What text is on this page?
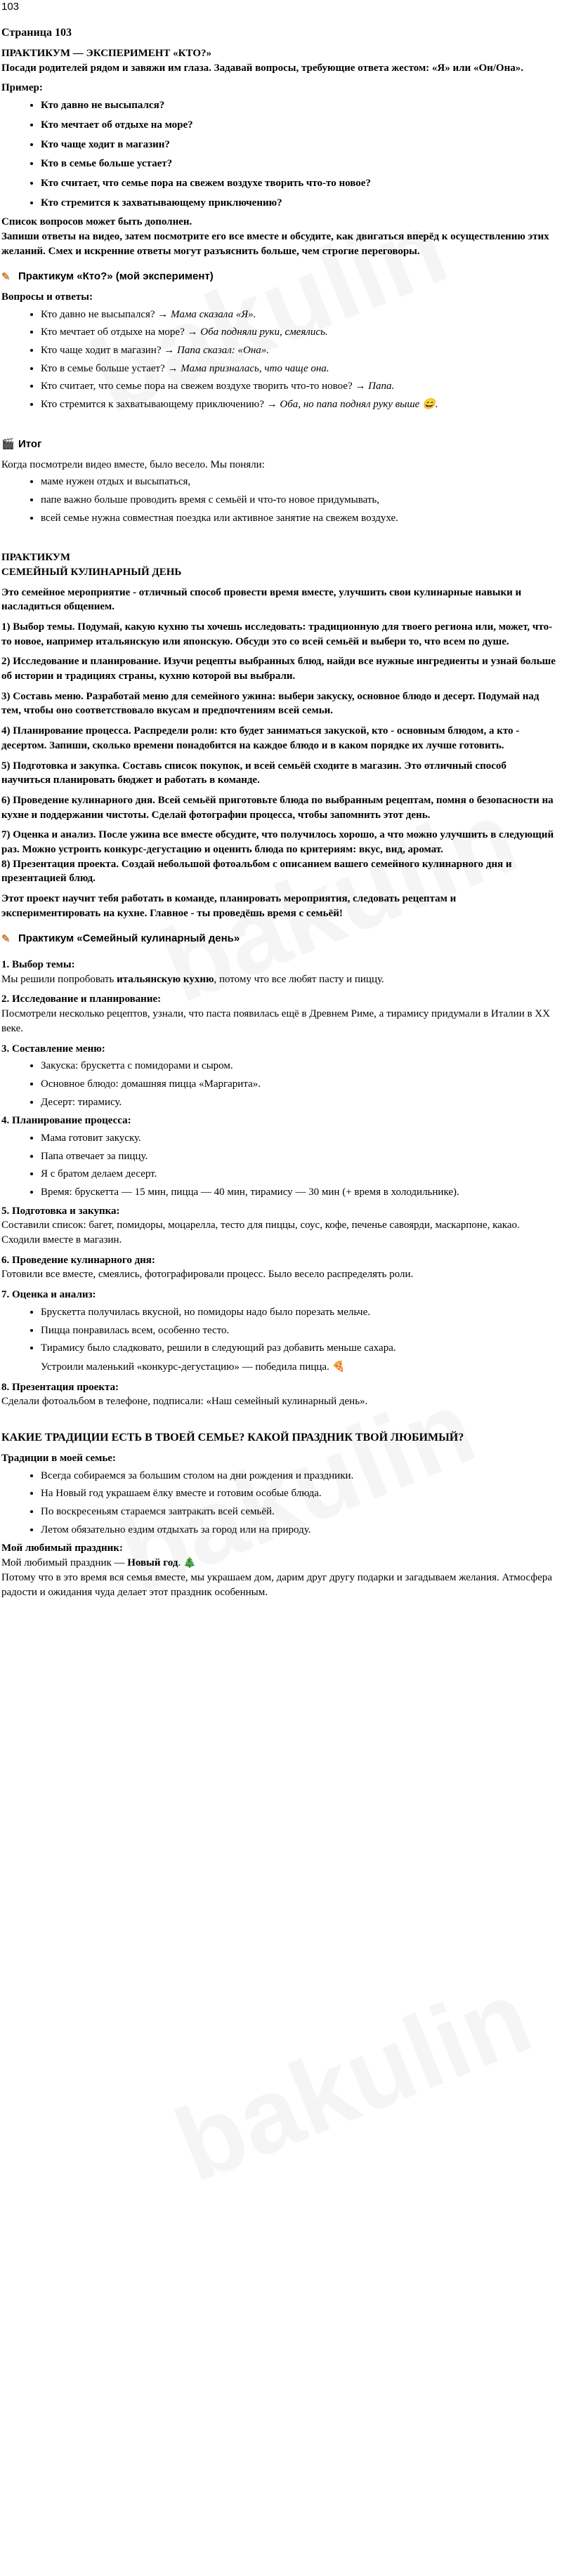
103

Страница 103

ПРАКТИКУМ — ЭКСПЕРИМЕНТ «КТО?»

Посади родителей рядом и завяжи им глаза. Задавай вопросы, требующие ответа жестом: «Я» или «Он/Она».

Пример:

• Кто давно не высыпался?
• Кто мечтает об отдыхе на море?
• Кто чаще ходит в магазин?
• Кто в семье больше устает?
• Кто считает, что семье пора на свежем воздухе творить что-то новое?
• Кто стремится к захватывающему приключению?

Список вопросов может быть дополнен.

Запиши ответы на видео, затем посмотрите его все вместе и обсудите, как двигаться вперёд к осуществлению этих желаний. Смех и искренние ответы могут разъяснить больше, чем строгие переговоры.

✎ Практикум «Кто?» (мой эксперимент)

Вопросы и ответы:

• Кто давно не высыпался? → Мама сказала «Я».
• Кто мечтает об отдыхе на море? → Оба подняли руки, смеялись.
• Кто чаще ходит в магазин? → Папа сказал: «Она».
• Кто в семье больше устает? → Мама призналась, что чаще она.
• Кто считает, что семье пора на свежем воздухе творить что-то новое? → Папа.
• Кто стремится к захватывающему приключению? → Оба, но папа поднял руку выше 😄.

🎬 Итог

Когда посмотрели видео вместе, было весело. Мы поняли:

• маме нужен отдых и высыпаться,
• папе важно больше проводить время с семьёй и что-то новое придумывать,
• всей семье нужна совместная поездка или активное занятие на свежем воздухе.

ПРАКТИКУМ

СЕМЕЙНЫЙ КУЛИНАРНЫЙ ДЕНЬ

Это семейное мероприятие - отличный способ провести время вместе, улучшить свои кулинарные навыки и насладиться общением.

1) Выбор темы. Подумай, какую кухню ты хочешь исследовать: традиционную для твоего региона или, может, что-то новое, например итальянскую или японскую. Обсуди это со всей семьёй и выбери то, что всем по душе.

2) Исследование и планирование. Изучи рецепты выбранных блюд, найди все нужные ингредиенты и узнай больше об истории и традициях страны, кухню которой вы выбрали.

3) Составь меню. Разработай меню для семейного ужина: выбери закуску, основное блюдо и десерт. Подумай над тем, чтобы оно соответствовало вкусам и предпочтениям всей семьи.

4) Планирование процесса. Распредели роли: кто будет заниматься закуской, кто - основным блюдом, а кто - десертом. Запиши, сколько времени понадобится на каждое блюдо и в каком порядке их лучше готовить.

5) Подготовка и закупка. Составь список покупок, и всей семьёй сходите в магазин. Это отличный способ научиться планировать бюджет и работать в команде.

6) Проведение кулинарного дня. Всей семьёй приготовьте блюда по выбранным рецептам, помня о безопасности на кухне и поддержании чистоты. Сделай фотографии процесса, чтобы запомнить этот день.

7) Оценка и анализ. После ужина все вместе обсудите, что получилось хорошо, а что можно улучшить в следующий раз. Можно устроить конкурс-дегустацию и оценить блюда по критериям: вкус, вид, аромат.

8) Презентация проекта. Создай небольшой фотоальбом с описанием вашего семейного кулинарного дня и презентацией блюд.

Этот проект научит тебя работать в команде, планировать мероприятия, следовать рецептам и экспериментировать на кухне. Главное - ты проведёшь время с семьёй!

✎ Практикум «Семейный кулинарный день»

1. Выбор темы:

Мы решили попробовать итальянскую кухню, потому что все любят пасту и пиццу.

2. Исследование и планирование:

Посмотрели несколько рецептов, узнали, что паста появилась ещё в Древнем Риме, а тирамису придумали в Италии в XX веке.

3. Составление меню:

• Закуска: брускетта с помидорами и сыром.
• Основное блюдо: домашняя пицца «Маргарита».
• Десерт: тирамису.

4. Планирование процесса:

• Мама готовит закуску.
• Папа отвечает за пиццу.
• Я с братом делаем десерт.
• Время: брускетта — 15 мин, пицца — 40 мин, тирамису — 30 мин (+ время в холодильнике).

5. Подготовка и закупка:

Составили список: багет, помидоры, моцарелла, тесто для пиццы, соус, кофе, печенье савоярди, маскарпоне, какао. Сходили вместе в магазин.

6. Проведение кулинарного дня:

Готовили все вместе, смеялись, фотографировали процесс. Было весело распределять роли.

7. Оценка и анализ:

• Брускетта получилась вкусной, но помидоры надо было порезать мельче.
• Пицца понравилась всем, особенно тесто.
• Тирамису было сладковато, решили в следующий раз добавить меньше сахара.

Устроили маленький «конкурс-дегустацию» — победила пицца. 🍕

8. Презентация проекта:

Сделали фотоальбом в телефоне, подписали: «Наш семейный кулинарный день».

КАКИЕ ТРАДИЦИИ ЕСТЬ В ТВОЕЙ СЕМЬЕ? КАКОЙ ПРАЗДНИК ТВОЙ ЛЮБИМЫЙ?

Традиции в моей семье:

• Всегда собираемся за большим столом на дни рождения и праздники.
• На Новый год украшаем ёлку вместе и готовим особые блюда.
• По воскресеньям стараемся завтракать всей семьёй.
• Летом обязательно ездим отдыхать за город или на природу.

Мой любимый праздник:

Мой любимый праздник — Новый год. 🎄

Потому что в это время вся семья вместе, мы украшаем дом, дарим друг другу подарки и загадываем желания. Атмосфера радости и ожидания чуда делает этот праздник особенным.
